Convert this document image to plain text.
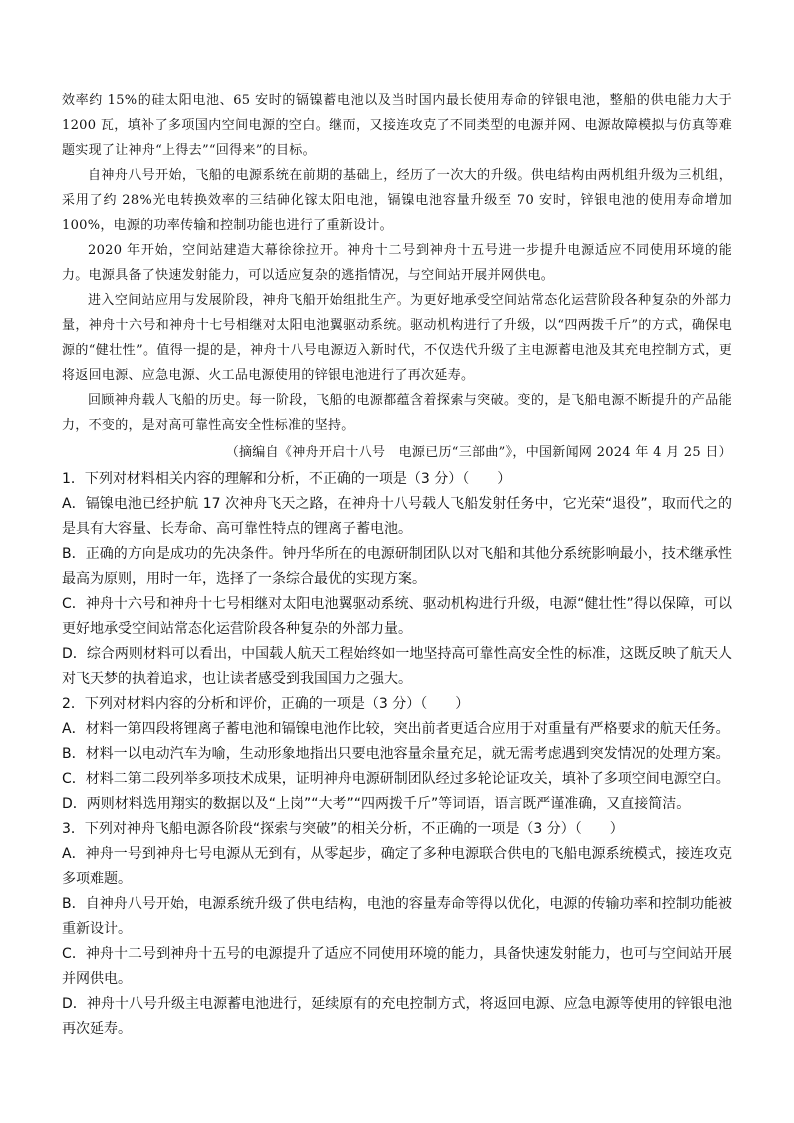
效率约 15%的硅太阳电池、65 安时的镉镍蓄电池以及当时国内最长使用寿命的锌银电池，整船的供电能力大于 1200 瓦，填补了多项国内空间电源的空白。继而，又接连攻克了不同类型的电源并网、电源故障模拟与仿真等难题实现了让神舟“上得去”“回得来”的目标。

自神舟八号开始，飞船的电源系统在前期的基础上，经历了一次大的升级。供电结构由两机组升级为三机组，采用了约 28%光电转换效率的三结砷化镓太阳电池，镉镍电池容量升级至 70 安时，锌银电池的使用寿命增加 100%，电源的功率传输和控制功能也进行了重新设计。

2020 年开始，空间站建造大幕徐徐拉开。神舟十二号到神舟十五号进一步提升电源适应不同使用环境的能力。电源具备了快速发射能力，可以适应复杂的逃指情况，与空间站开展并网供电。

进入空间站应用与发展阶段，神舟飞船开始组批生产。为更好地承受空间站常态化运营阶段各种复杂的外部力量，神舟十六号和神舟十七号相继对太阳电池翼驱动系统。驱动机构进行了升级，以“四两拨千斤”的方式，确保电源的“健壮性”。值得一提的是，神舟十八号电源迈入新时代，不仅迭代升级了主电源蓄电池及其充电控制方式，更将返回电源、应急电源、火工品电源使用的锌银电池进行了再次延寿。

回顾神舟载人飞船的历史。每一阶段，飞船的电源都蕴含着探索与突破。变的，是飞船电源不断提升的产品能力，不变的，是对高可靠性高安全性标准的坚持。

（摘编自《神舟开启十八号　电源已历“三部曲”》，中国新闻网 2024 年 4 月 25 日）

1．下列对材料相关内容的理解和分析，不正确的一项是（3 分）（　　）

A．镉镍电池已经护航 17 次神舟飞天之路，在神舟十八号载人飞船发射任务中，它光荣“退役”，取而代之的是具有大容量、长寿命、高可靠性特点的锂离子蓄电池。

B．正确的方向是成功的先决条件。钟丹华所在的电源研制团队以对飞船和其他分系统影响最小，技术继承性最高为原则，用时一年，选择了一条综合最优的实现方案。

C．神舟十六号和神舟十七号相继对太阳电池翼驱动系统、驱动机构进行升级，电源“健壮性”得以保障，可以更好地承受空间站常态化运营阶段各种复杂的外部力量。

D．综合两则材料可以看出，中国载人航天工程始终如一地坚持高可靠性高安全性的标准，这既反映了航天人对飞天梦的执着追求，也让读者感受到我国国力之强大。

2．下列对材料内容的分析和评价，正确的一项是（3 分）（　　）

A．材料一第四段将锂离子蓄电池和镉镍电池作比较，突出前者更适合应用于对重量有严格要求的航天任务。

B．材料一以电动汽车为喻，生动形象地指出只要电池容量余量充足，就无需考虑遇到突发情况的处理方案。

C．材料二第二段列举多项技术成果，证明神舟电源研制团队经过多轮论证攻关，填补了多项空间电源空白。

D．两则材料选用翔实的数据以及“上岗”“大考”“四两拨千斤”等词语，语言既严谨准确，又直接简洁。

3．下列对神舟飞船电源各阶段“探索与突破”的相关分析，不正确的一项是（3 分）（　　）

A．神舟一号到神舟七号电源从无到有，从零起步，确定了多种电源联合供电的飞船电源系统模式，接连攻克多项难题。

B．自神舟八号开始，电源系统升级了供电结构，电池的容量寿命等得以优化，电源的传输功率和控制功能被重新设计。

C．神舟十二号到神舟十五号的电源提升了适应不同使用环境的能力，具备快速发射能力，也可与空间站开展并网供电。

D．神舟十八号升级主电源蓄电池进行，延续原有的充电控制方式，将返回电源、应急电源等使用的锌银电池再次延寿。
